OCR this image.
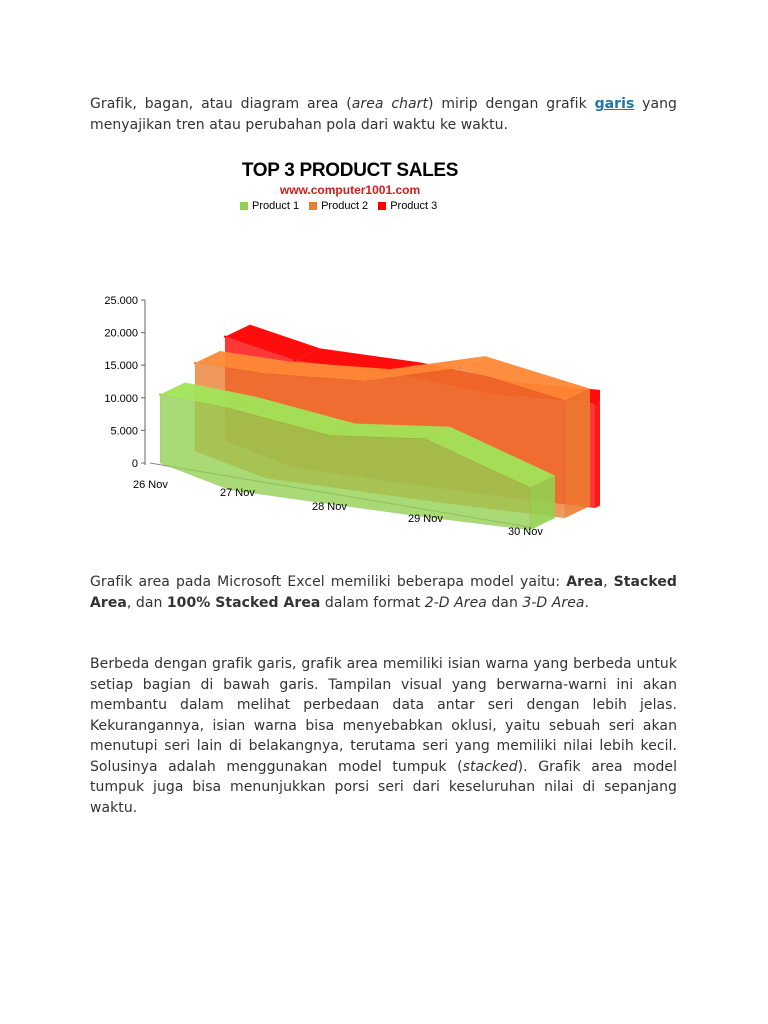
Grafik, bagan, atau diagram area (area chart) mirip dengan grafik garis yang menyajikan tren atau perubahan pola dari waktu ke waktu.

0
5.000
10.000
15.000
20.000
25.000
26 Nov
27 Nov
28 Nov
29 Nov
30 Nov
TOP 3 PRODUCT SALES
www.computer1001.com
Product 1 Product 2 Product 3

Grafik area pada Microsoft Excel memiliki beberapa model yaitu: Area, Stacked Area, dan 100% Stacked Area dalam format 2-D Area dan 3-D Area.

Berbeda dengan grafik garis, grafik area memiliki isian warna yang berbeda untuk setiap bagian di bawah garis. Tampilan visual yang berwarna-warni ini akan membantu dalam melihat perbedaan data antar seri dengan lebih jelas. Kekurangannya, isian warna bisa menyebabkan oklusi, yaitu sebuah seri akan menutupi seri lain di belakangnya, terutama seri yang memiliki nilai lebih kecil. Solusinya adalah menggunakan model tumpuk (stacked). Grafik area model tumpuk juga bisa menunjukkan porsi seri dari keseluruhan nilai di sepanjang waktu.
